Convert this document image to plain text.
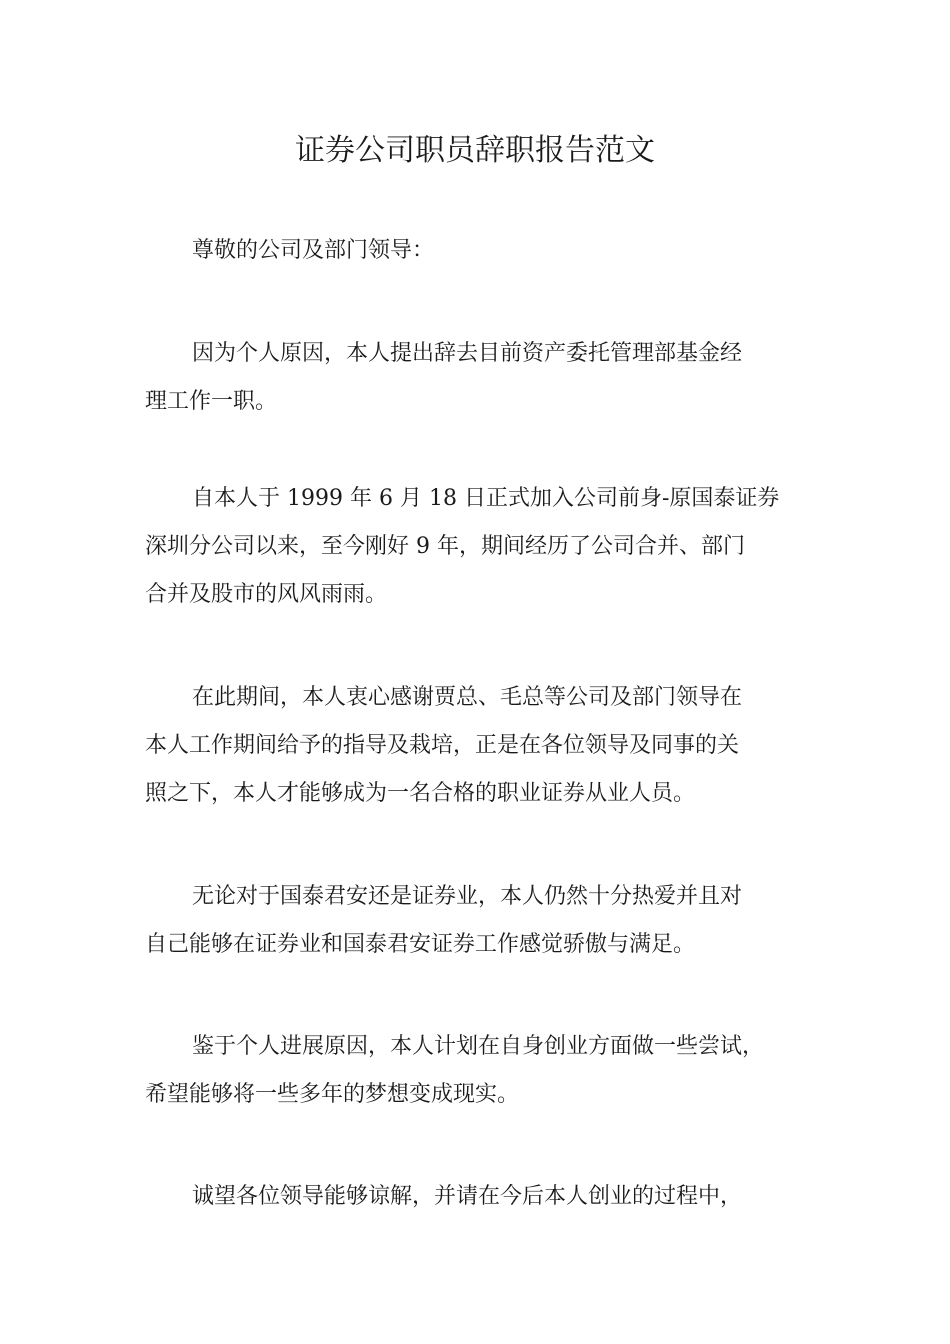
证券公司职员辞职报告范文
尊敬的公司及部门领导：
因为个人原因，本人提出辞去目前资产委托管理部基金经
理工作一职。
自本人于 1999 年 6 月 18 日正式加入公司前身-原国泰证券
深圳分公司以来，至今刚好 9 年，期间经历了公司合并、部门
合并及股市的风风雨雨。
在此期间，本人衷心感谢贾总、毛总等公司及部门领导在
本人工作期间给予的指导及栽培，正是在各位领导及同事的关
照之下，本人才能够成为一名合格的职业证券从业人员。
无论对于国泰君安还是证券业，本人仍然十分热爱并且对
自己能够在证券业和国泰君安证券工作感觉骄傲与满足。
鉴于个人进展原因，本人计划在自身创业方面做一些尝试，
希望能够将一些多年的梦想变成现实。
诚望各位领导能够谅解，并请在今后本人创业的过程中，
